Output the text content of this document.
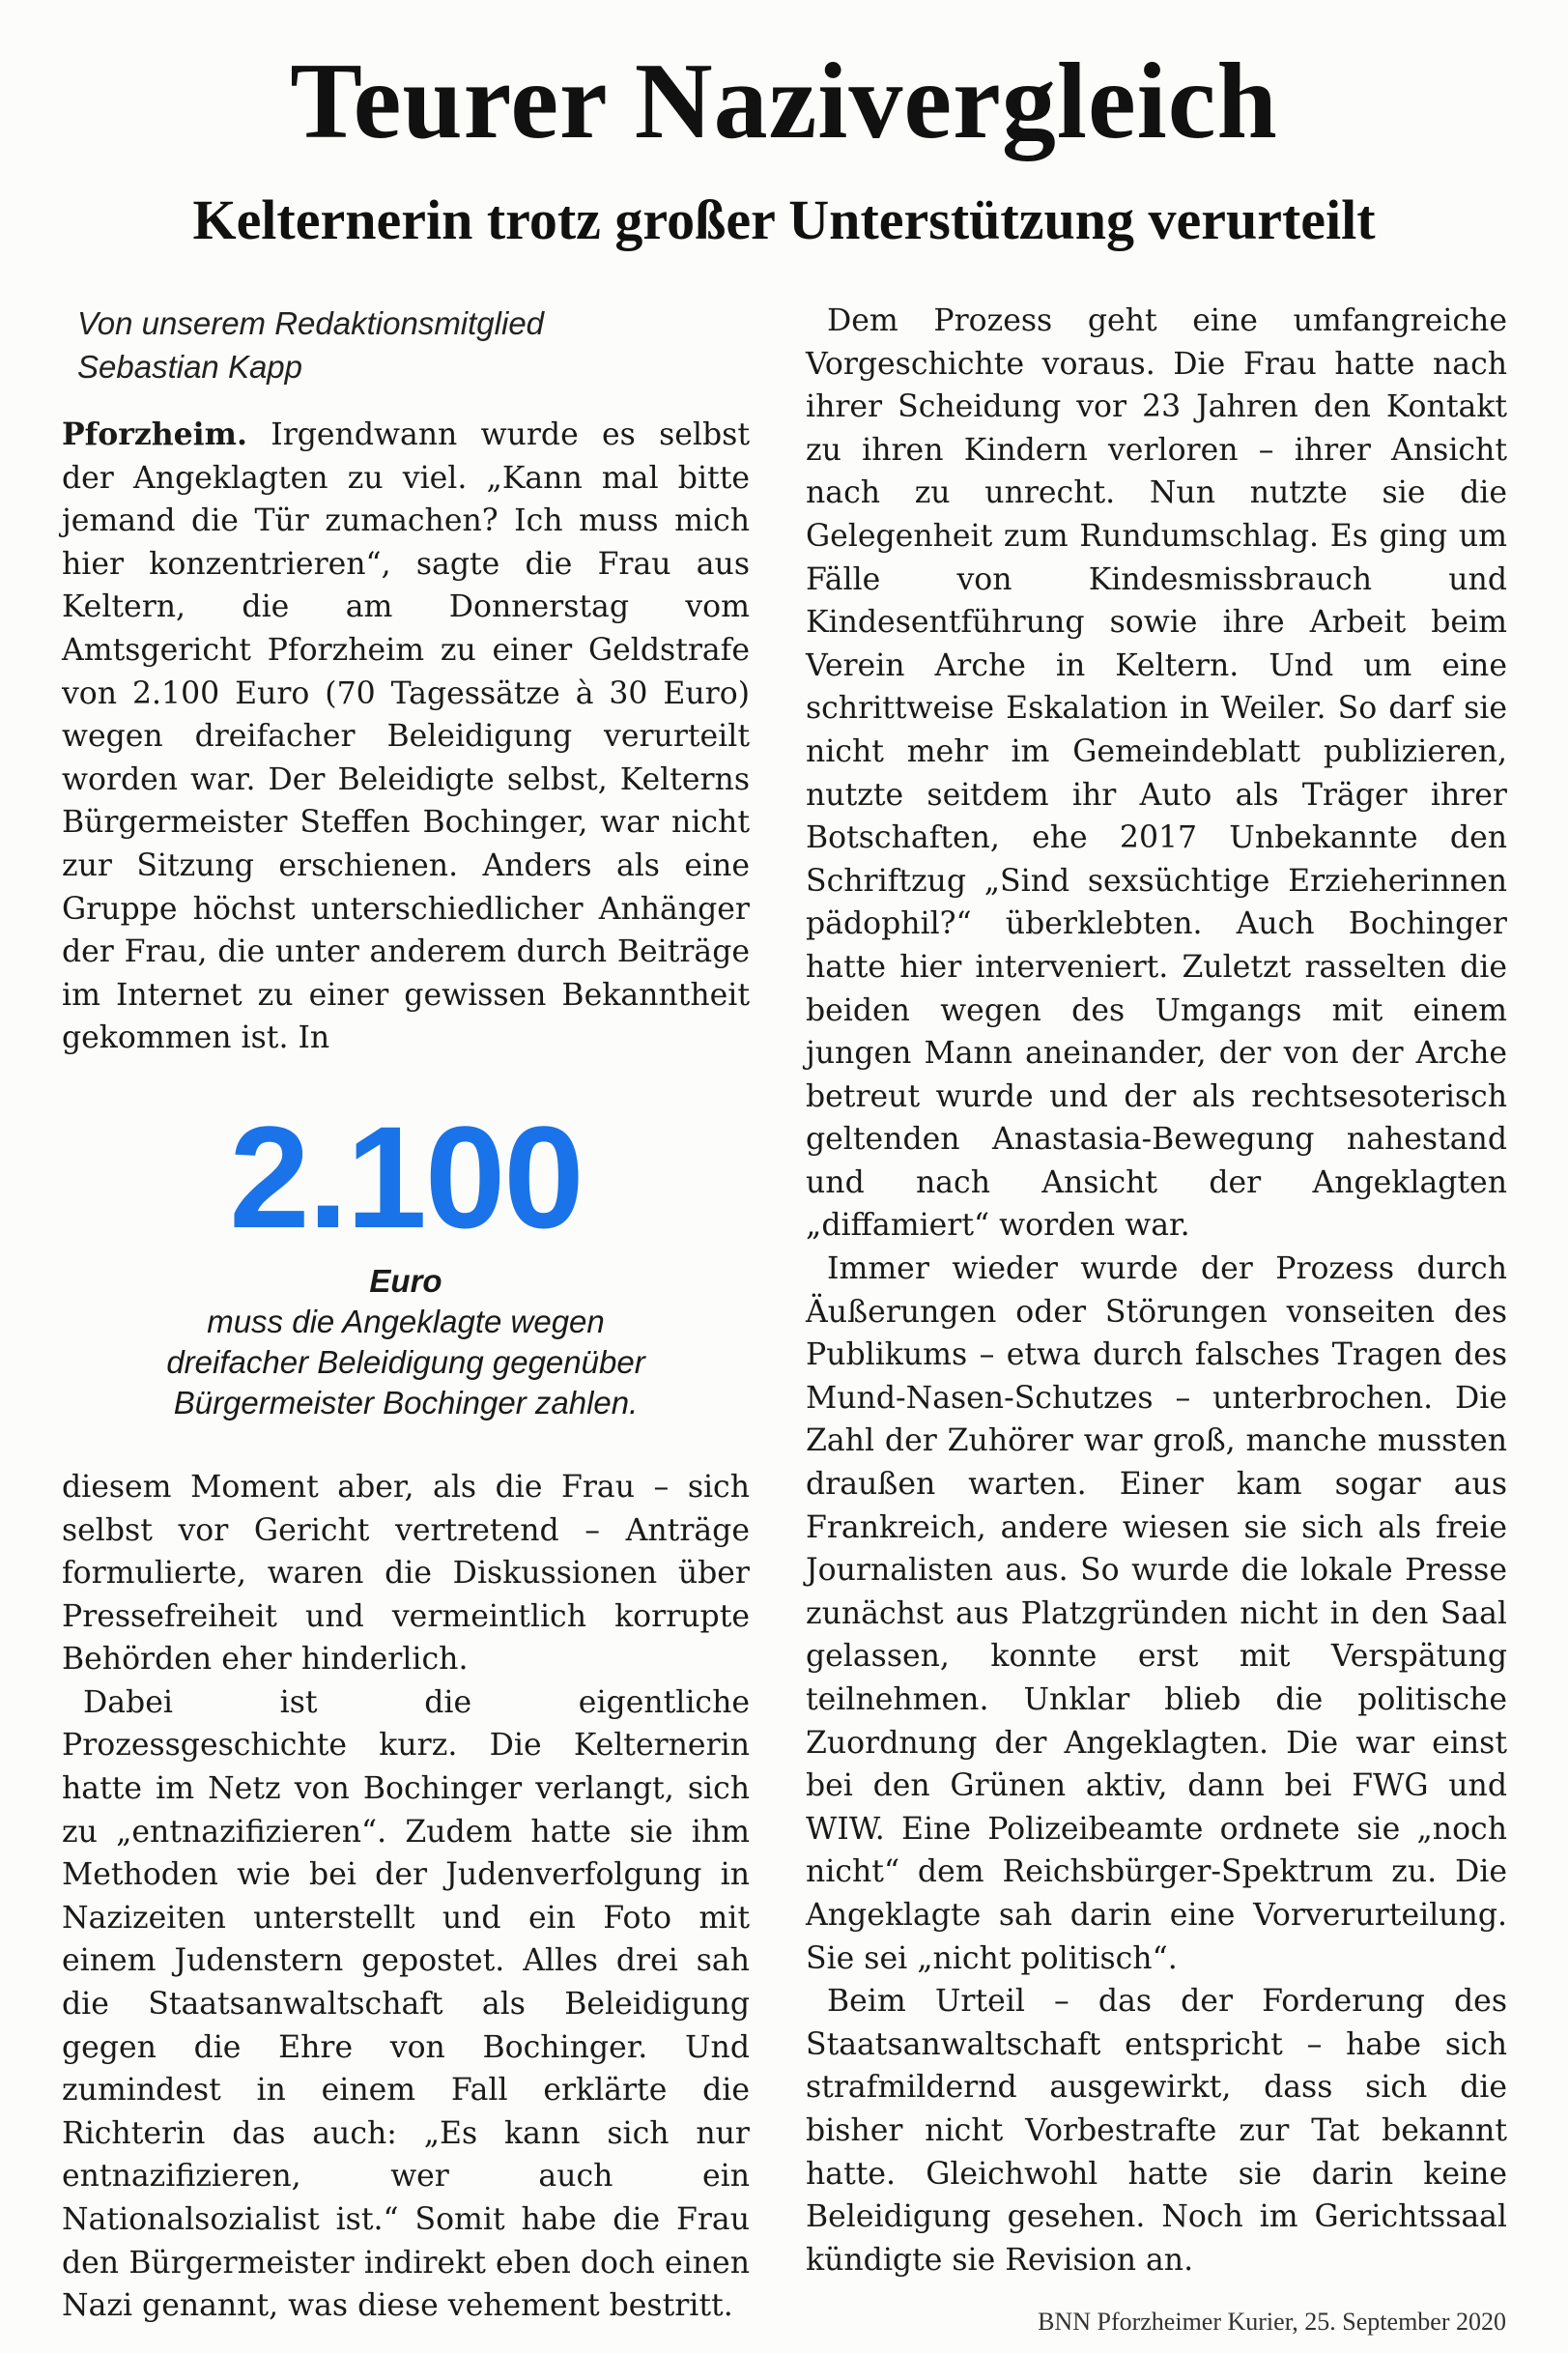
Teurer Nazivergleich
Kelternerin trotz großer Unterstützung verurteilt

Von unserem Redaktionsmitglied
Sebastian Kapp

Pforzheim. Irgendwann wurde es selbst der Angeklagten zu viel. „Kann mal bitte jemand die Tür zumachen? Ich muss mich hier konzentrieren“, sagte die Frau aus Keltern, die am Donnerstag vom Amtsgericht Pforzheim zu einer Geldstrafe von 2.100 Euro (70 Tagessätze à 30 Euro) wegen dreifacher Beleidigung verurteilt worden war. Der Beleidigte selbst, Kelterns Bürgermeister Steffen Bochinger, war nicht zur Sitzung erschienen. Anders als eine Gruppe höchst unterschiedlicher Anhänger der Frau, die unter anderem durch Beiträge im Internet zu einer gewissen Bekanntheit gekommen ist. In

2.100
Euro
muss die Angeklagte wegen
dreifacher Beleidigung gegenüber
Bürgermeister Bochinger zahlen.

diesem Moment aber, als die Frau – sich selbst vor Gericht vertretend – Anträge formulierte, waren die Diskussionen über Pressefreiheit und vermeintlich korrupte Behörden eher hinderlich.

Dabei ist die eigentliche Prozessgeschichte kurz. Die Kelternerin hatte im Netz von Bochinger verlangt, sich zu „entnazifizieren“. Zudem hatte sie ihm Methoden wie bei der Judenverfolgung in Nazizeiten unterstellt und ein Foto mit einem Judenstern gepostet. Alles drei sah die Staatsanwaltschaft als Beleidigung gegen die Ehre von Bochinger. Und zumindest in einem Fall erklärte die Richterin das auch: „Es kann sich nur entnazifizieren, wer auch ein Nationalsozialist ist.“ Somit habe die Frau den Bürgermeister indirekt eben doch einen Nazi genannt, was diese vehement bestritt.

Dem Prozess geht eine umfangreiche Vorgeschichte voraus. Die Frau hatte nach ihrer Scheidung vor 23 Jahren den Kontakt zu ihren Kindern verloren – ihrer Ansicht nach zu unrecht. Nun nutzte sie die Gelegenheit zum Rundumschlag. Es ging um Fälle von Kindesmissbrauch und Kindesentführung sowie ihre Arbeit beim Verein Arche in Keltern. Und um eine schrittweise Eskalation in Weiler. So darf sie nicht mehr im Gemeindeblatt publizieren, nutzte seitdem ihr Auto als Träger ihrer Botschaften, ehe 2017 Unbekannte den Schriftzug „Sind sexsüchtige Erzieherinnen pädophil?“ überklebten. Auch Bochinger hatte hier interveniert. Zuletzt rasselten die beiden wegen des Umgangs mit einem jungen Mann aneinander, der von der Arche betreut wurde und der als rechtsesoterisch geltenden Anastasia-Bewegung nahestand und nach Ansicht der Angeklagten „diffamiert“ worden war.

Immer wieder wurde der Prozess durch Äußerungen oder Störungen vonseiten des Publikums – etwa durch falsches Tragen des Mund-Nasen-Schutzes – unterbrochen. Die Zahl der Zuhörer war groß, manche mussten draußen warten. Einer kam sogar aus Frankreich, andere wiesen sie sich als freie Journalisten aus. So wurde die lokale Presse zunächst aus Platzgründen nicht in den Saal gelassen, konnte erst mit Verspätung teilnehmen. Unklar blieb die politische Zuordnung der Angeklagten. Die war einst bei den Grünen aktiv, dann bei FWG und WIW. Eine Polizeibeamte ordnete sie „noch nicht“ dem Reichsbürger-Spektrum zu. Die Angeklagte sah darin eine Vorverurteilung. Sie sei „nicht politisch“.

Beim Urteil – das der Forderung des Staatsanwaltschaft entspricht – habe sich strafmildernd ausgewirkt, dass sich die bisher nicht Vorbestrafte zur Tat bekannt hatte. Gleichwohl hatte sie darin keine Beleidigung gesehen. Noch im Gerichtssaal kündigte sie Revision an.

BNN Pforzheimer Kurier, 25. September 2020
